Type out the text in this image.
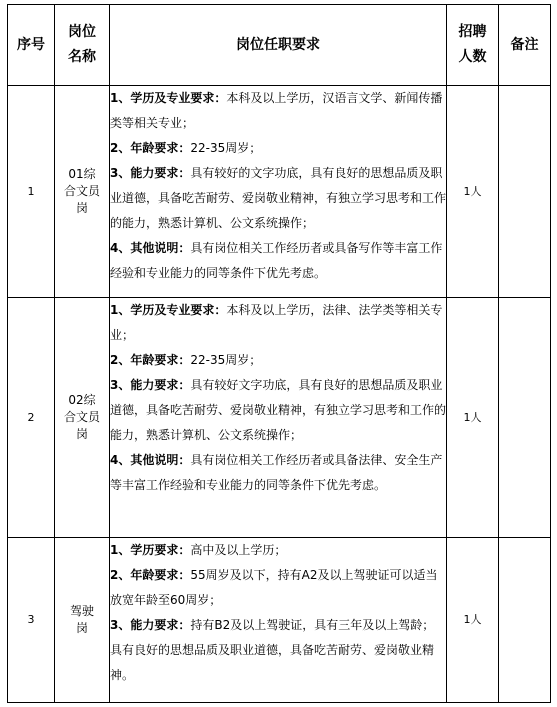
序号	岗位名称	岗位任职要求	招聘人数	备注
1	01综合文员岗	1、学历及专业要求：本科及以上学历，汉语言文学、新闻传播类等相关专业；

2、年龄要求：22-35周岁；

3、能力要求：具有较好的文字功底，具有良好的思想品质及职业道德，具备吃苦耐劳、爱岗敬业精神，有独立学习思考和工作的能力，熟悉计算机、公文系统操作；

4、其他说明：具有岗位相关工作经历者或具备写作等丰富工作经验和专业能力的同等条件下优先考虑。	1人	
2	02综合文员岗	1、学历及专业要求：本科及以上学历，法律、法学类等相关专业；

2、年龄要求：22-35周岁；

3、能力要求：具有较好文字功底，具有良好的思想品质及职业道德，具备吃苦耐劳、爱岗敬业精神，有独立学习思考和工作的能力，熟悉计算机、公文系统操作；

4、其他说明：具有岗位相关工作经历者或具备法律、安全生产等丰富工作经验和专业能力的同等条件下优先考虑。	1人	
3	驾驶岗	1、学历要求：高中及以上学历；

2、年龄要求：55周岁及以下，持有A2及以上驾驶证可以适当放宽年龄至60周岁；

3、能力要求：持有B2及以上驾驶证，具有三年及以上驾龄；具有良好的思想品质及职业道德，具备吃苦耐劳、爱岗敬业精神。	1人	
